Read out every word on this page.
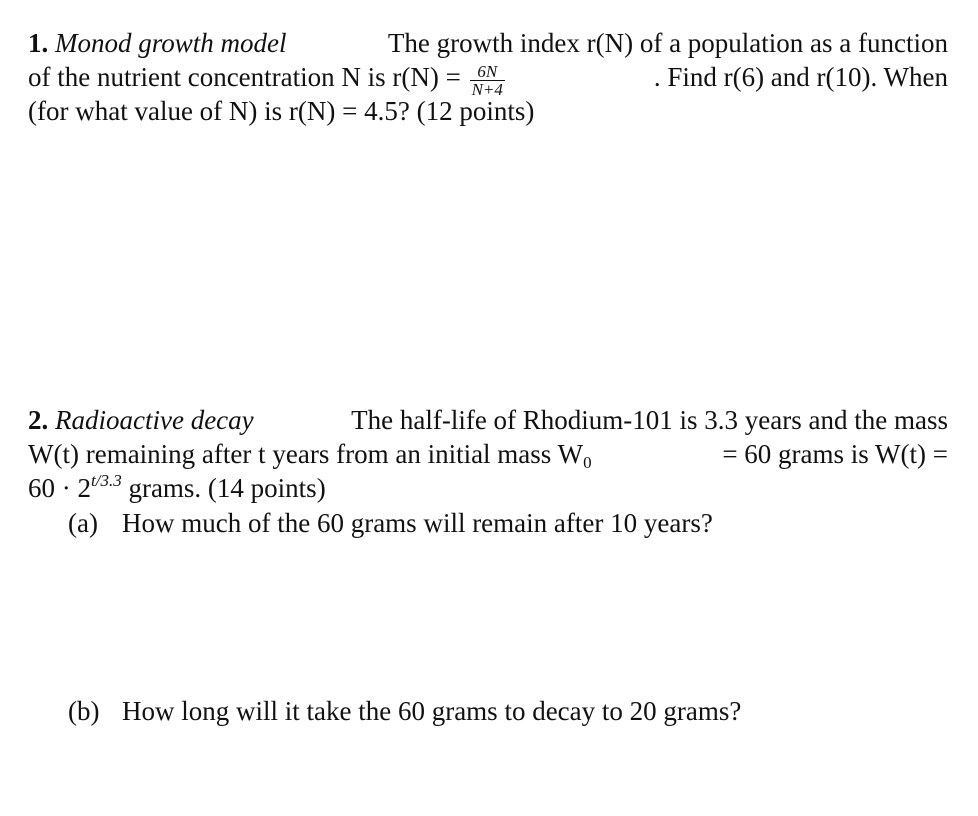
1. Monod growth model	The growth index r(N) of a population as a function
of the nutrient concentration N is $r(N) = \frac{6N}{N+4}$	. Find r(6) and r(10). When
(for what value of N) is r(N) = 4.5? (12 points)
2. Radioactive decay	The half-life of Rhodium-101 is 3.3 years and the mass
W(t) remaining after t years from an initial mass $W_0$	= 60 grams is W(t) =
$60 \cdot 2^{t/3.3}$ grams. (14 points)
(a) How much of the 60 grams will remain after 10 years?
(b) How long will it take the 60 grams to decay to 20 grams?
